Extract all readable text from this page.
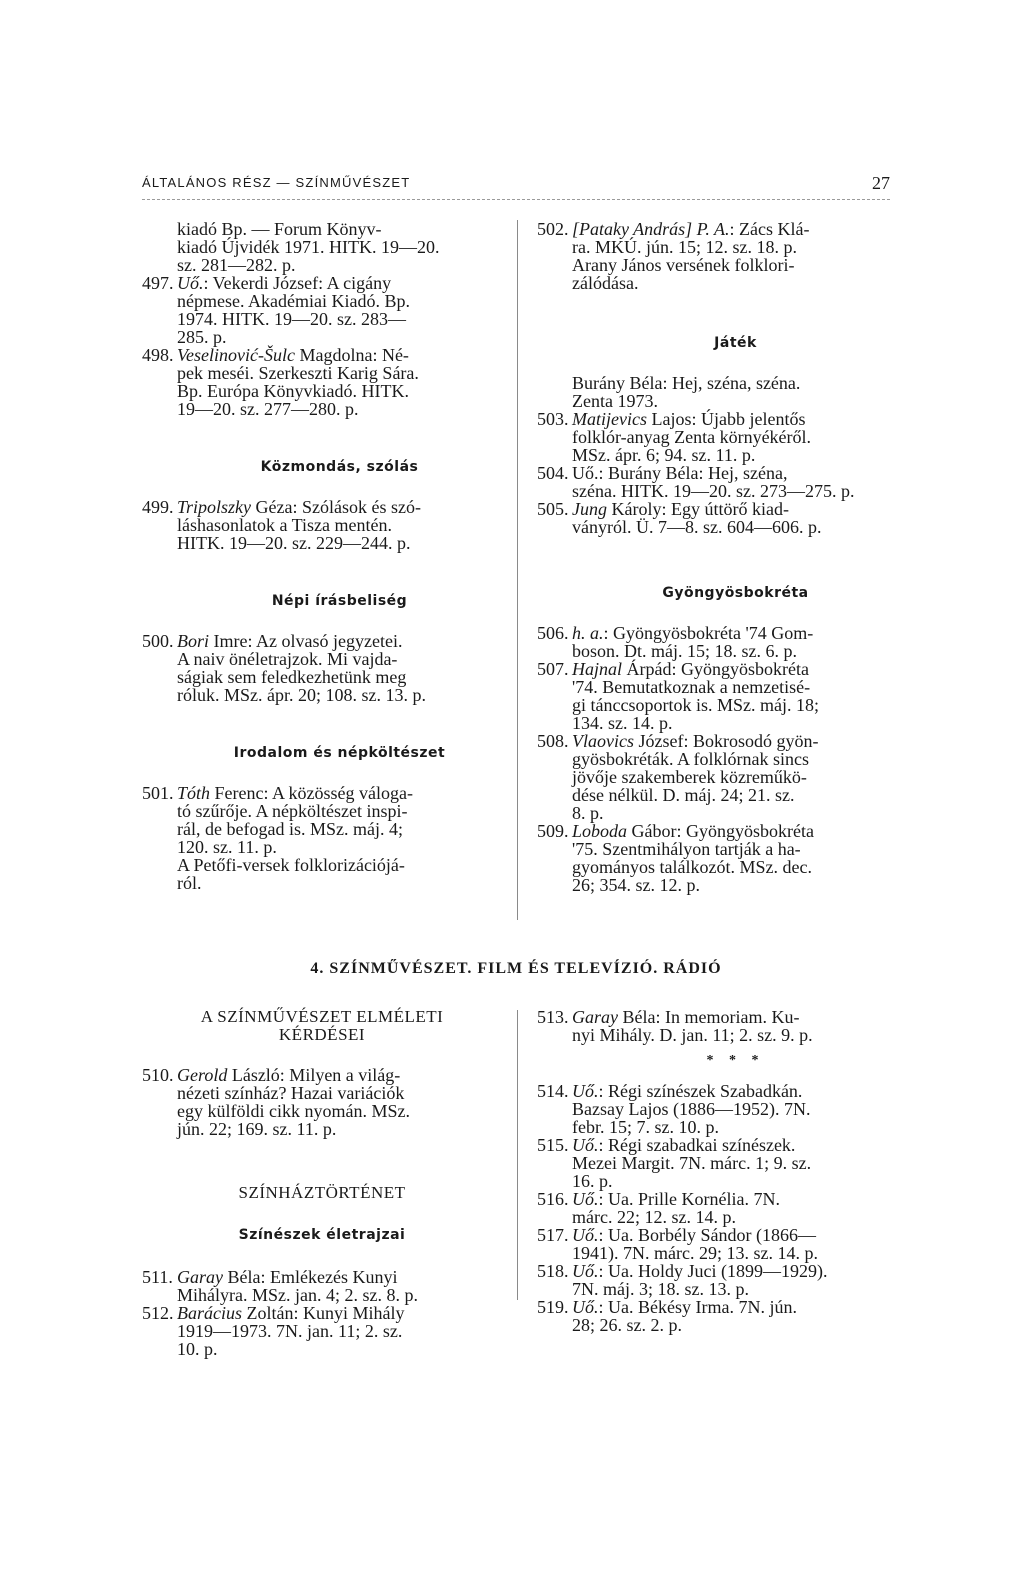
ÁLTALÁNOS RÉSZ — SZÍNMŰVÉSZET	27
kiadó Bp. — Forum Könyv-
kiadó Újvidék 1971. HITK. 19—20.
sz. 281—282. p.
497. Uő.: Vekerdi József: A cigány
népmese. Akadémiai Kiadó. Bp.
1974. HITK. 19—20. sz. 283—
285. p.
498. Veselinović-Šulc Magdolna: Né-
pek meséi. Szerkeszti Karig Sára.
Bp. Európa Könyvkiadó. HITK.
19—20. sz. 277—280. p.
Közmondás, szólás
499. Tripolszky Géza: Szólások és szó-
láshasonlatok a Tisza mentén.
HITK. 19—20. sz. 229—244. p.
Népi írásbeliség
500. Bori Imre: Az olvasó jegyzetei.
A naiv önéletrajzok. Mi vajda-
ságiak sem feledkezhetünk meg
róluk. MSz. ápr. 20; 108. sz. 13. p.
Irodalom és népköltészet
501. Tóth Ferenc: A közösség váloga-
tó szűrője. A népköltészet inspi-
rál, de befogad is. MSz. máj. 4;
120. sz. 11. p.
A Petőfi-versek folklorizációjá-
ról.
502. [Pataky András] P. A.: Zács Klá-
ra. MKÚ. jún. 15; 12. sz. 18. p.
Arany János versének folklori-
zálódása.
Játék
Burány Béla: Hej, széna, széna.
Zenta 1973.
503. Matijevics Lajos: Újabb jelentős
folklór-anyag Zenta környékéről.
MSz. ápr. 6; 94. sz. 11. p.
504. Uő.: Burány Béla: Hej, széna,
széna. HITK. 19—20. sz. 273—275. p.
505. Jung Károly: Egy úttörő kiad-
ványról. Ü. 7—8. sz. 604—606. p.
Gyöngyösbokréta
506. h. a.: Gyöngyösbokréta '74 Gom-
boson. Dt. máj. 15; 18. sz. 6. p.
507. Hajnal Árpád: Gyöngyösbokréta
'74. Bemutatkoznak a nemzetisé-
gi tánccsoportok is. MSz. máj. 18;
134. sz. 14. p.
508. Vlaovics József: Bokrosodó gyön-
gyösbokréták. A folklórnak sincs
jövője szakemberek közreműkö-
dése nélkül. D. máj. 24; 21. sz.
8. p.
509. Loboda Gábor: Gyöngyösbokréta
'75. Szentmihályon tartják a ha-
gyományos találkozót. MSz. dec.
26; 354. sz. 12. p.
4. SZÍNMŰVÉSZET. FILM ÉS TELEVÍZIÓ. RÁDIÓ
A SZÍNMŰVÉSZET ELMÉLETI
KÉRDÉSEI
510. Gerold László: Milyen a világ-
nézeti színház? Hazai variációk
egy külföldi cikk nyomán. MSz.
jún. 22; 169. sz. 11. p.
SZÍNHÁZTÖRTÉNET
Színészek életrajzai
511. Garay Béla: Emlékezés Kunyi
Mihályra. MSz. jan. 4; 2. sz. 8. p.
512. Barácius Zoltán: Kunyi Mihály
1919—1973. 7N. jan. 11; 2. sz.
10. p.
513. Garay Béla: In memoriam. Ku-
nyi Mihály. D. jan. 11; 2. sz. 9. p.
* * *
514. Uő.: Régi színészek Szabadkán.
Bazsay Lajos (1886—1952). 7N.
febr. 15; 7. sz. 10. p.
515. Uő.: Régi szabadkai színészek.
Mezei Margit. 7N. márc. 1; 9. sz.
16. p.
516. Uő.: Ua. Prille Kornélia. 7N.
márc. 22; 12. sz. 14. p.
517. Uő.: Ua. Borbély Sándor (1866—
1941). 7N. márc. 29; 13. sz. 14. p.
518. Uő.: Ua. Holdy Juci (1899—1929).
7N. máj. 3; 18. sz. 13. p.
519. Uő.: Ua. Békésy Irma. 7N. jún.
28; 26. sz. 2. p.
